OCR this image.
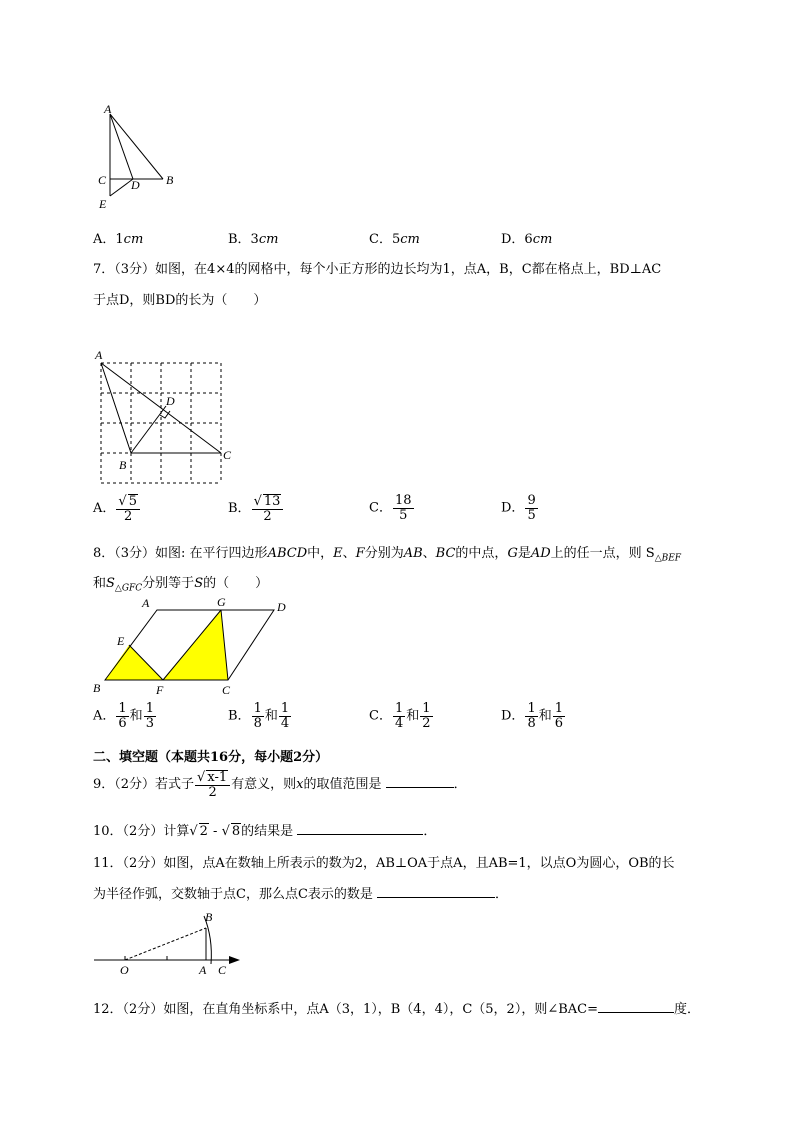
A
C D B
E
A．1cm	B．3cm	C．5cm	D．6cm
7．（3分）如图，在4×4的网格中，每个小正方形的边长均为1，点A，B，C都在格点上，BD⊥AC
于点D，则BD的长为（　　）
A
D
B
C
A． $\frac{√ 5}{2}$	B． $\frac{√ 13}{2}$	C． $\frac{18}{5}$	D． $\frac{9}{5}$
8．（3分）如图: 在平行四边形ABCD中，E、F分别为AB、BC的中点，G是AD上的任一点，则 $S_{\triangle BEF}$
和$S_{\triangle GFC}$分别等于S的（　　）
A	G	D
E
B	F	C
A． $\frac{1}{6}$ 和 $\frac{1}{3}$	B． $\frac{1}{8}$ 和 $\frac{1}{4}$	C． $\frac{1}{4}$ 和 $\frac{1}{2}$	D． $\frac{1}{8}$ 和 $\frac{1}{6}$
二、填空题（本题共16分，每小题2分）
9．（2分）若式子 $\frac{√ x-1}{2}$ 有意义，则x的取值范围是	．
10．（2分）计算√ 2 - √ 8的结果是	．
11．（2分）如图，点A在数轴上所表示的数为2，AB⊥OA于点A，且AB=1，以点O为圆心，OB的长
为半径作弧，交数轴于点C，那么点C表示的数是	．
B
O	A C
12．（2分）如图，在直角坐标系中，点A（3，1），B（4，4），C（5，2），则∠BAC=	度．
